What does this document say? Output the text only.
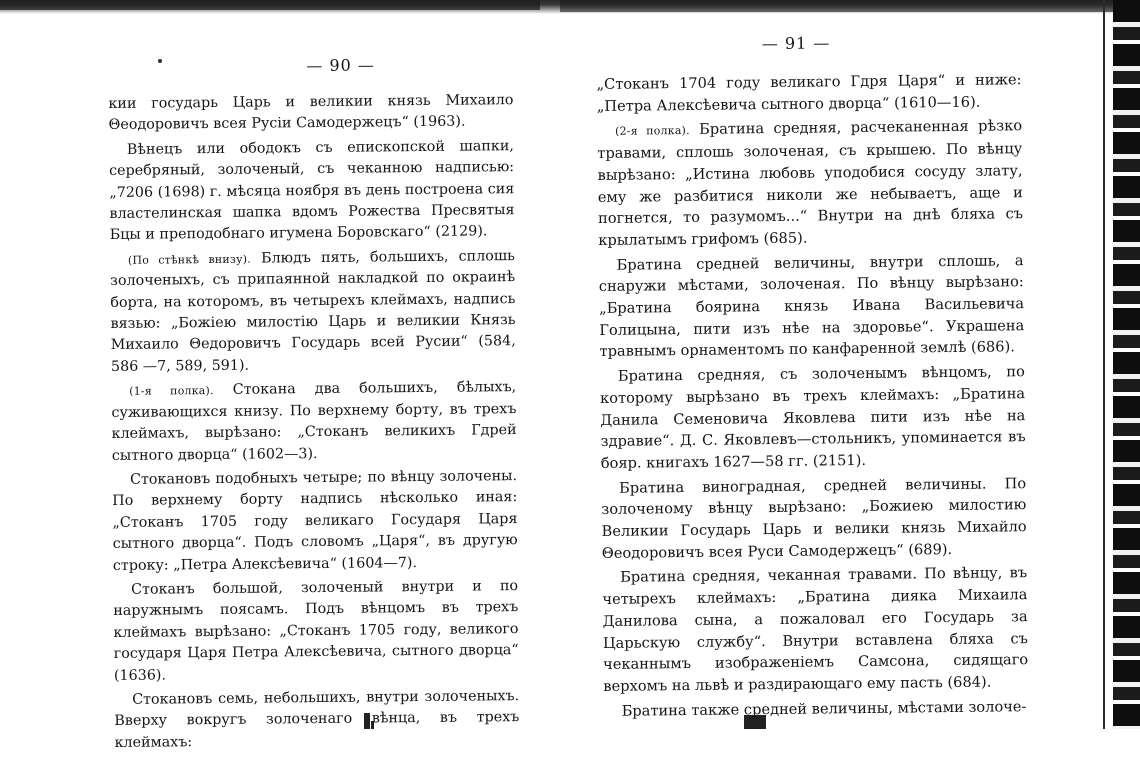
— 90 —

кии государь Царь и великии князь Михаило Θеодоровичъ всея Русiи Самодержецъ“ (1963).

Вѣнецъ или ободокъ съ епископской шапки, серебряный, золоченый, съ чеканною надписью: „7206 (1698) г. мѣсяца ноября въ день построена сия властелинская шапка вдомъ Рожества Пресвятыя Бцы и преподобнаго игумена Боровскаго“ (2129).

(По стѣнкѣ внизу). Блюдъ пять, большихъ, сплошь золоченыхъ, съ припаянной накладкой по окраинѣ борта, на которомъ, въ четырехъ клеймахъ, надпись вязью: „Божiею милостiю Царь и великии Князь Михаило Θедоровичъ Государь всей Русии“ (584, 586 —7, 589, 591).

(1-я полка). Стокана два большихъ, бѣлыхъ, суживающихся книзу. По верхнему борту, въ трехъ клеймахъ, вырѣзано: „Стоканъ великихъ Гдрей сытного дворца“ (1602—3).

Стокановъ подобныхъ четыре; по вѣнцу золочены. По верхнему борту надпись нѣсколько иная: „Стоканъ 1705 году великаго Государя Царя сытного дворца“. Подъ словомъ „Царя“, въ другую строку: „Петра Алексѣевича“ (1604—7).

Стоканъ большой, золоченый внутри и по наружнымъ поясамъ. Подъ вѣнцомъ въ трехъ клеймахъ вырѣзано: „Стоканъ 1705 году, великого государя Царя Петра Алексѣевича, сытного дворца“ (1636).

Стокановъ семь, небольшихъ, внутри золоченыхъ. Вверху вокругъ золоченаго вѣнца, въ трехъ клеймахъ:

— 91 —

„Стоканъ 1704 году великаго Гдря Царя“ и ниже: „Петра Алексѣевича сытного дворца“ (1610—16).

(2-я полка). Братина средняя, расчеканенная рѣзко травами, сплошь золоченая, съ крышею. По вѣнцу вырѣзано: „Истина любовь уподобися сосуду злату, ему же разбитися николи же небываетъ, аще и погнется, то разумомъ...“ Внутри на днѣ бляха съ крылатымъ грифомъ (685).

Братина средней величины, внутри сплошь, а снаружи мѣстами, золоченая. По вѣнцу вырѣзано: „Братина боярина князь Ивана Васильевича Голицына, пити изъ нѣе на здоровье“. Украшена травнымъ орнаментомъ по канфаренной землѣ (686).

Братина средняя, съ золоченымъ вѣнцомъ, по которому вырѣзано въ трехъ клеймахъ: „Братина Данила Семеновича Яковлева пити изъ нѣе на здравие“. Д. С. Яковлевъ—стольникъ, упоминается въ бояр. книгахъ 1627—58 гг. (2151).

Братина виноградная, средней величины. По золоченому вѣнцу вырѣзано: „Божиею милостию Великии Государь Царь и велики князь Михайло Θеодоровичъ всея Руси Самодержецъ“ (689).

Братина средняя, чеканная травами. По вѣнцу, въ четырехъ клеймахъ: „Братина дияка Михаила Данилова сына, а пожаловал его Государь за Царьскую службу“. Внутри вставлена бляха съ чеканнымъ изображенiемъ Самсона, сидящаго верхомъ на львѣ и раздирающаго ему пасть (684).

Братина также средней величины, мѣстами золоче-
